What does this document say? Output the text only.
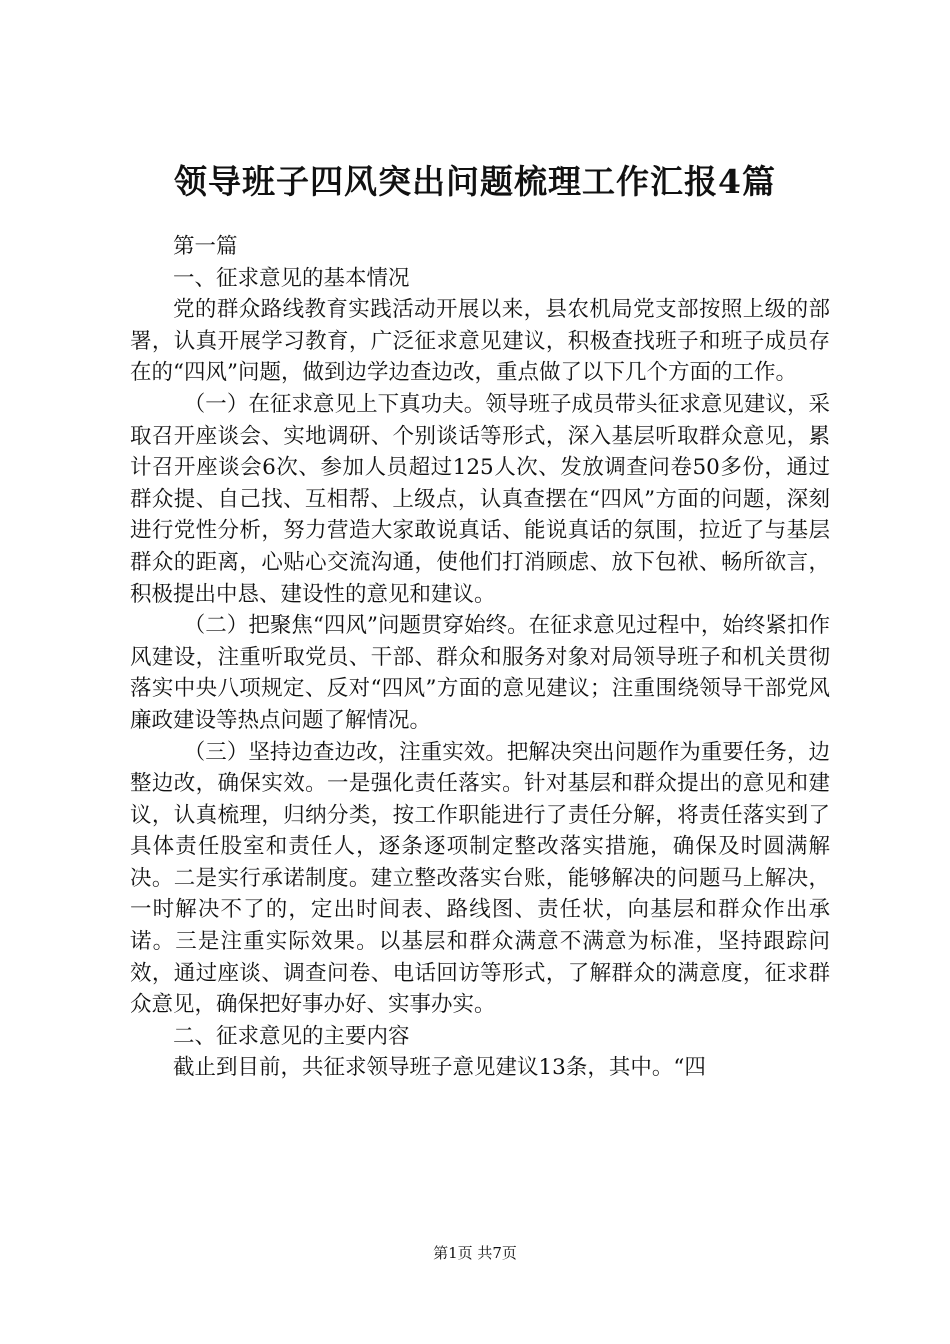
领导班子四风突出问题梳理工作汇报4篇

第一篇

一、征求意见的基本情况

党的群众路线教育实践活动开展以来，县农机局党支部按照上级的部署，认真开展学习教育，广泛征求意见建议，积极查找班子和班子成员存在的“四风”问题，做到边学边查边改，重点做了以下几个方面的工作。

（一）在征求意见上下真功夫。领导班子成员带头征求意见建议，采取召开座谈会、实地调研、个别谈话等形式，深入基层听取群众意见，累计召开座谈会6次、参加人员超过125人次、发放调查问卷50多份，通过群众提、自己找、互相帮、上级点，认真查摆在“四风”方面的问题，深刻进行党性分析，努力营造大家敢说真话、能说真话的氛围，拉近了与基层群众的距离，心贴心交流沟通，使他们打消顾虑、放下包袱、畅所欲言，积极提出中恳、建设性的意见和建议。

（二）把聚焦“四风”问题贯穿始终。在征求意见过程中，始终紧扣作风建设，注重听取党员、干部、群众和服务对象对局领导班子和机关贯彻落实中央八项规定、反对“四风”方面的意见建议；注重围绕领导干部党风廉政建设等热点问题了解情况。

（三）坚持边查边改，注重实效。把解决突出问题作为重要任务，边整边改，确保实效。一是强化责任落实。针对基层和群众提出的意见和建议，认真梳理，归纳分类，按工作职能进行了责任分解，将责任落实到了具体责任股室和责任人，逐条逐项制定整改落实措施，确保及时圆满解决。二是实行承诺制度。建立整改落实台账，能够解决的问题马上解决，一时解决不了的，定出时间表、路线图、责任状，向基层和群众作出承诺。三是注重实际效果。以基层和群众满意不满意为标准，坚持跟踪问效，通过座谈、调查问卷、电话回访等形式，了解群众的满意度，征求群众意见，确保把好事办好、实事办实。

二、征求意见的主要内容

截止到目前，共征求领导班子意见建议13条，其中。“四

第1页 共7页
